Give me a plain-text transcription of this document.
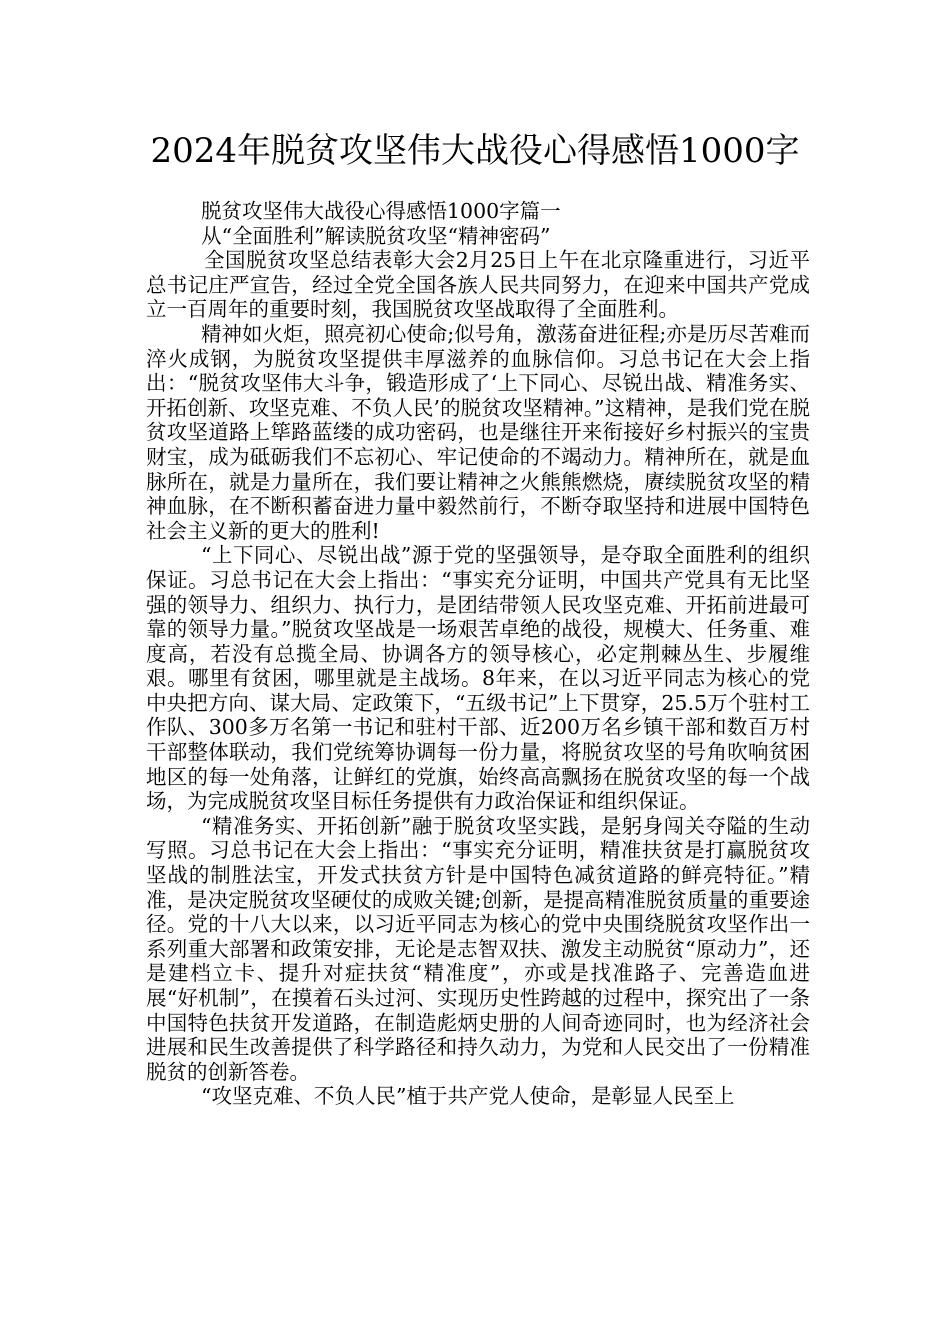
2024年脱贫攻坚伟大战役心得感悟1000字

脱贫攻坚伟大战役心得感悟1000字篇一

从“全面胜利”解读脱贫攻坚“精神密码”

全国脱贫攻坚总结表彰大会2月25日上午在北京隆重进行，习近平总书记庄严宣告，经过全党全国各族人民共同努力，在迎来中国共产党成立一百周年的重要时刻，我国脱贫攻坚战取得了全面胜利。

精神如火炬，照亮初心使命;似号角，激荡奋进征程;亦是历尽苦难而淬火成钢，为脱贫攻坚提供丰厚滋养的血脉信仰。习总书记在大会上指出：“脱贫攻坚伟大斗争，锻造形成了‘上下同心、尽锐出战、精准务实、开拓创新、攻坚克难、不负人民’的脱贫攻坚精神。”这精神，是我们党在脱贫攻坚道路上筚路蓝缕的成功密码，也是继往开来衔接好乡村振兴的宝贵财宝，成为砥砺我们不忘初心、牢记使命的不竭动力。精神所在，就是血脉所在，就是力量所在，我们要让精神之火熊熊燃烧，赓续脱贫攻坚的精神血脉，在不断积蓄奋进力量中毅然前行，不断夺取坚持和进展中国特色社会主义新的更大的胜利!

“上下同心、尽锐出战”源于党的坚强领导，是夺取全面胜利的组织保证。习总书记在大会上指出：“事实充分证明，中国共产党具有无比坚强的领导力、组织力、执行力，是团结带领人民攻坚克难、开拓前进最可靠的领导力量。”脱贫攻坚战是一场艰苦卓绝的战役，规模大、任务重、难度高，若没有总揽全局、协调各方的领导核心，必定荆棘丛生、步履维艰。哪里有贫困，哪里就是主战场。8年来，在以习近平同志为核心的党中央把方向、谋大局、定政策下，“五级书记”上下贯穿，25.5万个驻村工作队、300多万名第一书记和驻村干部、近200万名乡镇干部和数百万村干部整体联动，我们党统筹协调每一份力量，将脱贫攻坚的号角吹响贫困地区的每一处角落，让鲜红的党旗，始终高高飘扬在脱贫攻坚的每一个战场，为完成脱贫攻坚目标任务提供有力政治保证和组织保证。

“精准务实、开拓创新”融于脱贫攻坚实践，是躬身闯关夺隘的生动写照。习总书记在大会上指出：“事实充分证明，精准扶贫是打赢脱贫攻坚战的制胜法宝，开发式扶贫方针是中国特色减贫道路的鲜亮特征。”精准，是决定脱贫攻坚硬仗的成败关键;创新，是提高精准脱贫质量的重要途径。党的十八大以来，以习近平同志为核心的党中央围绕脱贫攻坚作出一系列重大部署和政策安排，无论是志智双扶、激发主动脱贫“原动力”，还是建档立卡、提升对症扶贫“精准度”，亦或是找准路子、完善造血进展“好机制”，在摸着石头过河、实现历史性跨越的过程中，探究出了一条中国特色扶贫开发道路，在制造彪炳史册的人间奇迹同时，也为经济社会进展和民生改善提供了科学路径和持久动力，为党和人民交出了一份精准脱贫的创新答卷。

“攻坚克难、不负人民”植于共产党人使命，是彰显人民至上
